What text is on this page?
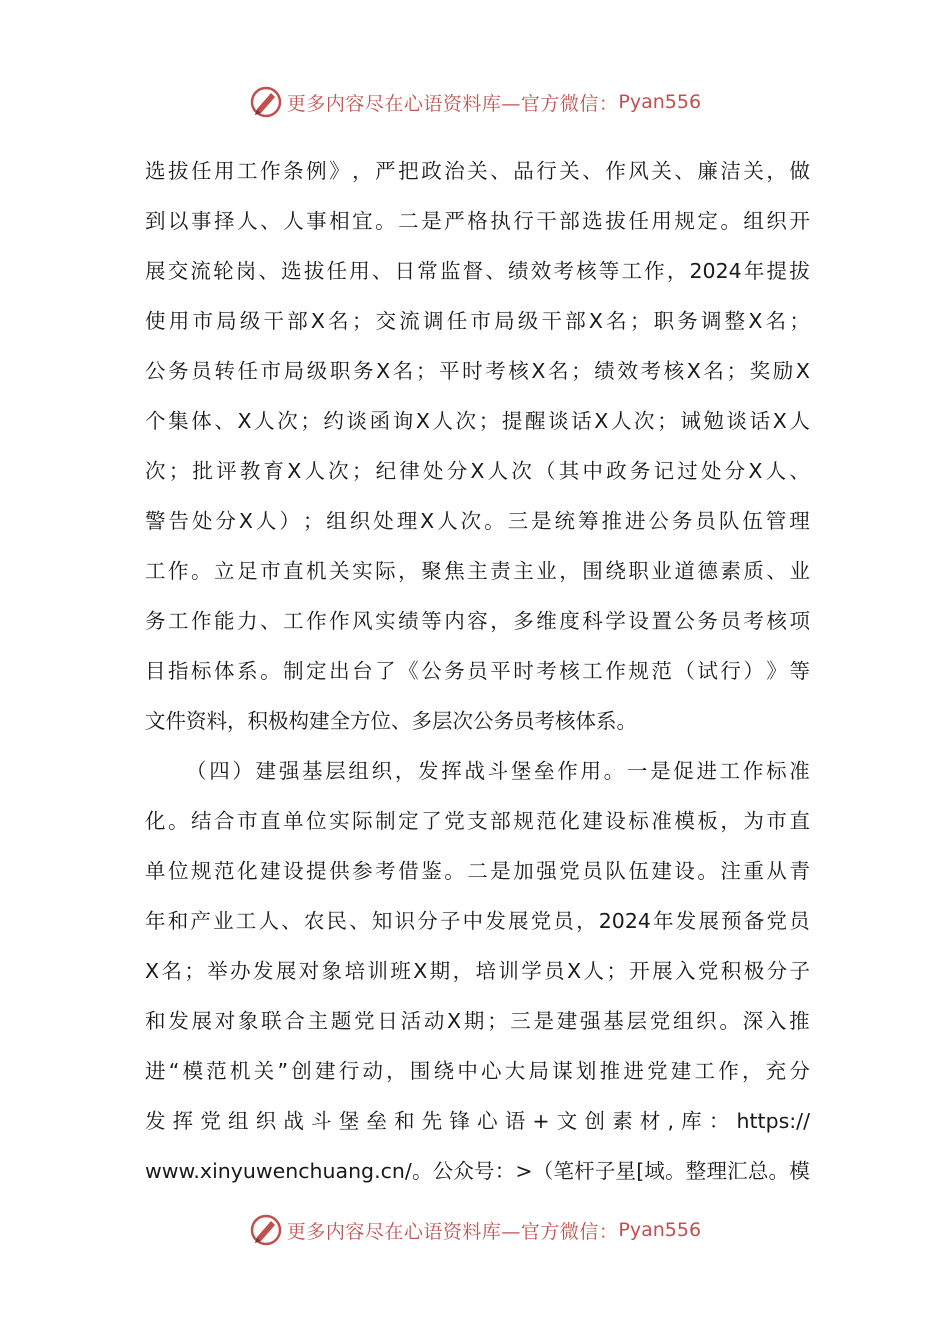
更多内容尽在心语资料库—官方微信： Pyan556
选 拔 任 用 工 作 条 例 》 ， 严 把 政 治 关 、 品 行 关 、 作 风 关 、 廉 洁 关 ， 做
到 以 事 择 人 、 人 事 相 宜 。 二 是 严 格 执 行 干 部 选 拔 任 用 规 定 。 组 织 开
展 交 流 轮 岗 、 选 拔 任 用 、 日 常 监 督 、 绩 效 考 核 等 工 作 ， 2024 年 提 拔
使 用 市 局 级 干 部 X 名 ； 交 流 调 任 市 局 级 干 部 X 名 ； 职 务 调 整 X 名 ；
公 务 员 转 任 市 局 级 职 务 X 名 ； 平 时 考 核 X 名 ； 绩 效 考 核 X 名 ； 奖 励 X
个 集 体 、 X 人 次 ； 约 谈 函 询 X 人 次 ； 提 醒 谈 话 X 人 次 ； 诫 勉 谈 话 X 人
次 ； 批 评 教 育 X 人 次 ； 纪 律 处 分 X 人 次 （ 其 中 政 务 记 过 处 分 X 人 、
警 告 处 分 X 人 ） ； 组 织 处 理 X 人 次 。 三 是 统 筹 推 进 公 务 员 队 伍 管 理
工 作 。 立 足 市 直 机 关 实 际 ， 聚 焦 主 责 主 业 ， 围 绕 职 业 道 德 素 质 、 业
务 工 作 能 力 、 工 作 作 风 实 绩 等 内 容 ， 多 维 度 科 学 设 置 公 务 员 考 核 项
目 指 标 体 系 。 制 定 出 台 了 《 公 务 员 平 时 考 核 工 作 规 范 （ 试 行 ） 》 等
文件资料，积极构建全方位、多层次公务员考核体系。
（ 四 ） 建 强 基 层 组 织 ， 发 挥 战 斗 堡 垒 作 用 。 一 是 促 进 工 作 标 准
化 。 结 合 市 直 单 位 实 际 制 定 了 党 支 部 规 范 化 建 设 标 准 模 板 ， 为 市 直
单 位 规 范 化 建 设 提 供 参 考 借 鉴 。 二 是 加 强 党 员 队 伍 建 设 。 注 重 从 青
年 和 产 业 工 人 、 农 民 、 知 识 分 子 中 发 展 党 员 ， 2024 年 发 展 预 备 党 员
X 名 ； 举 办 发 展 对 象 培 训 班 X 期 ， 培 训 学 员 X 人 ； 开 展 入 党 积 极 分 子
和 发 展 对 象 联 合 主 题 党 日 活 动 X 期 ； 三 是 建 强 基 层 党 组 织 。 深 入 推
进 “ 模 范 机 关 ” 创 建 行 动 ， 围 绕 中 心 大 局 谋 划 推 进 党 建 工 作 ， 充 分
发 挥 党 组 织 战 斗 堡 垒 和 先 锋 心 语 + 文 创 素 材 , 库 ： https://
www.xinyuwenchuang.cn/ 。 公 众 号 ： > （ 笔 杆 子 星 [ 域 。 整 理 汇 总 。 模
更多内容尽在心语资料库—官方微信： Pyan556
